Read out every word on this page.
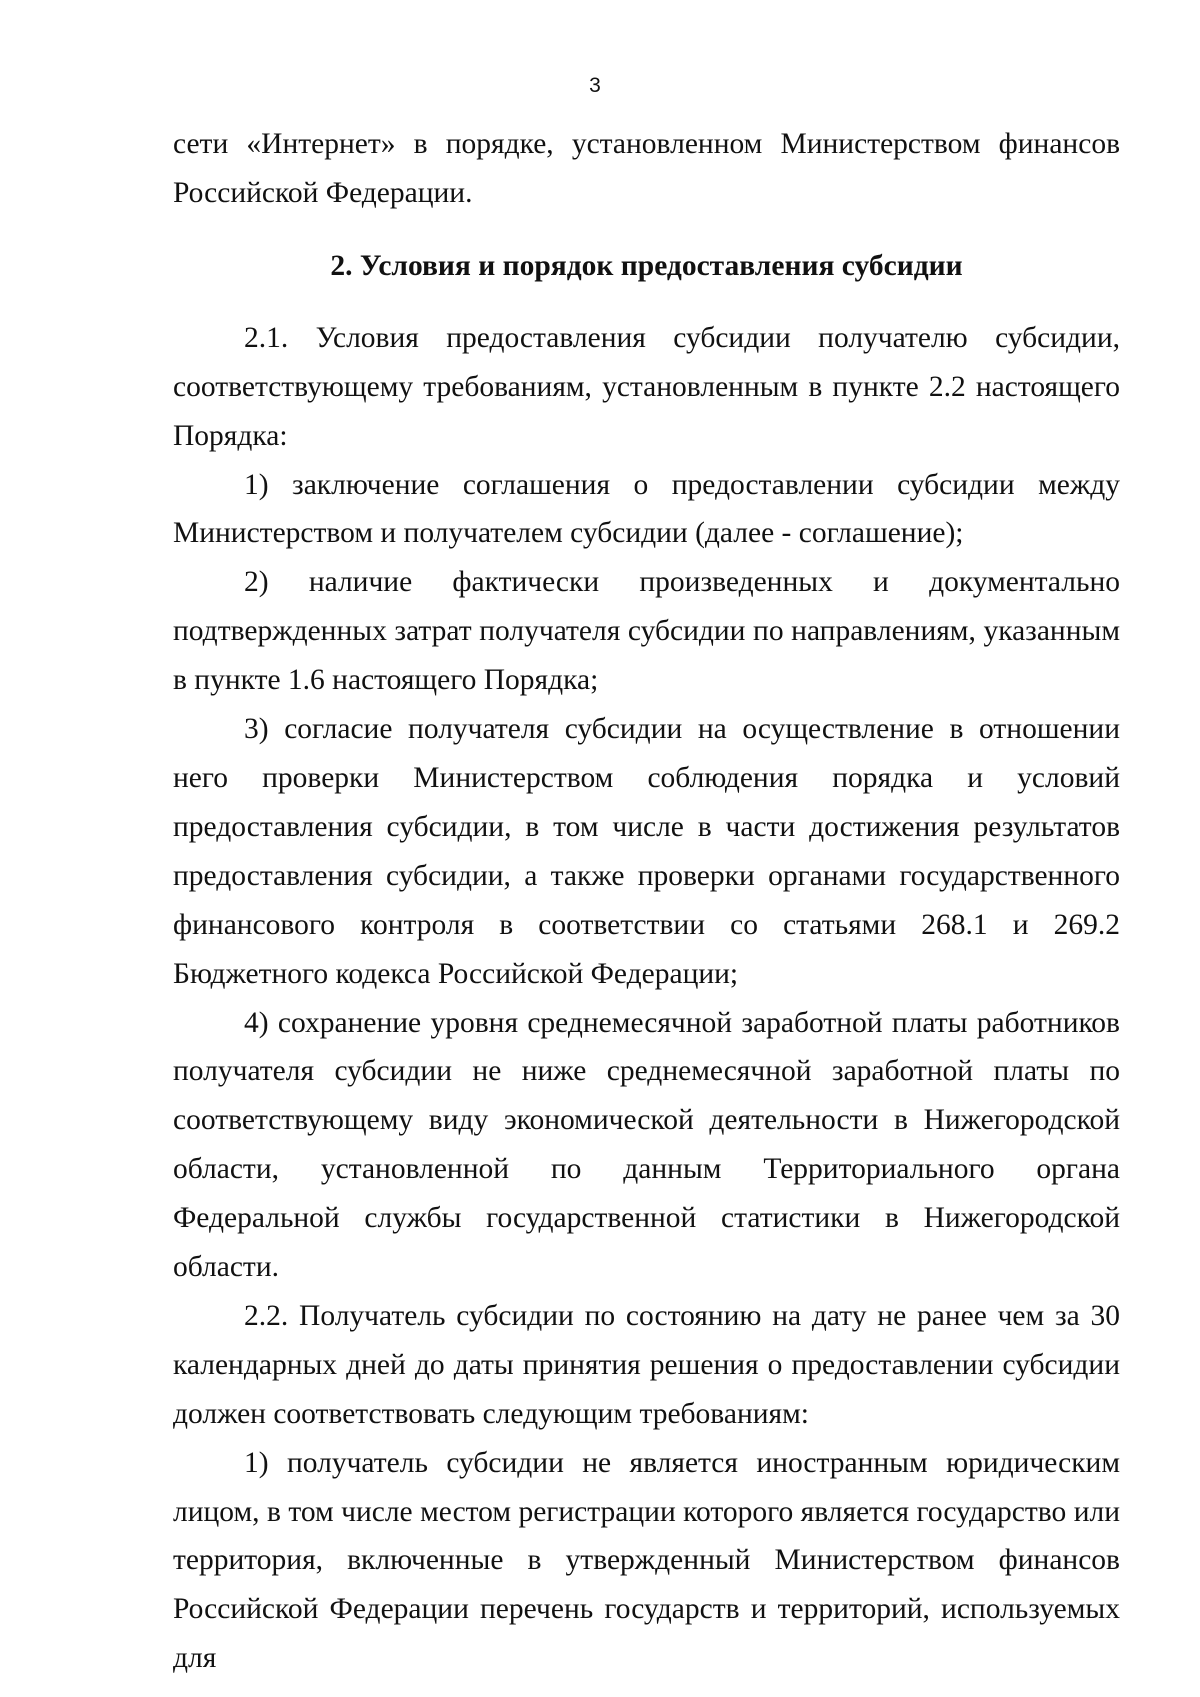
3

сети «Интернет» в порядке, установленном Министерством финансов Российской Федерации.

2. Условия и порядок предоставления субсидии

2.1. Условия предоставления субсидии получателю субсидии, соответствующему требованиям, установленным в пункте 2.2 настоящего Порядка:

1) заключение соглашения о предоставлении субсидии между Министерством и получателем субсидии (далее - соглашение);

2) наличие фактически произведенных и документально подтвержденных затрат получателя субсидии по направлениям, указанным в пункте 1.6 настоящего Порядка;

3) согласие получателя субсидии на осуществление в отношении него проверки Министерством соблюдения порядка и условий предоставления субсидии, в том числе в части достижения результатов предоставления субсидии, а также проверки органами государственного финансового контроля в соответствии со статьями 268.1 и 269.2 Бюджетного кодекса Российской Федерации;

4) сохранение уровня среднемесячной заработной платы работников получателя субсидии не ниже среднемесячной заработной платы по соответствующему виду экономической деятельности в Нижегородской области, установленной по данным Территориального органа Федеральной службы государственной статистики в Нижегородской области.

2.2. Получатель субсидии по состоянию на дату не ранее чем за 30 календарных дней до даты принятия решения о предоставлении субсидии должен соответствовать следующим требованиям:

1) получатель субсидии не является иностранным юридическим лицом, в том числе местом регистрации которого является государство или территория, включенные в утвержденный Министерством финансов Российской Федерации перечень государств и территорий, используемых для
